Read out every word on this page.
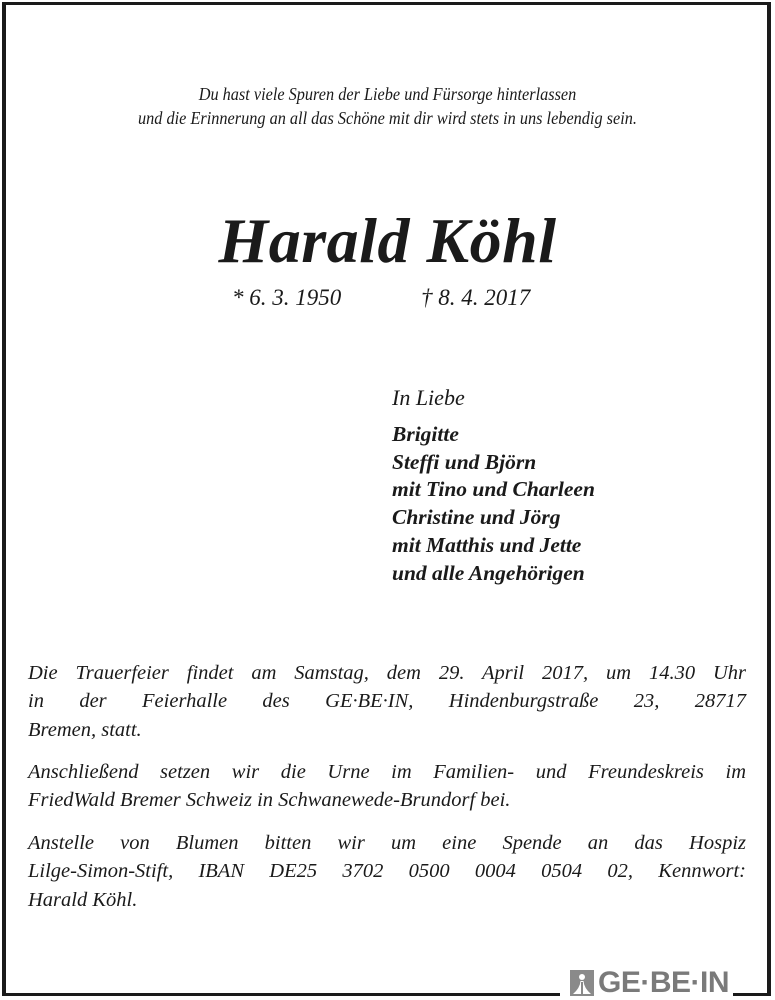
Du hast viele Spuren der Liebe und Fürsorge hinterlassen
und die Erinnerung an all das Schöne mit dir wird stets in uns lebendig sein.
Harald Köhl
* 6. 3. 1950	† 8. 4. 2017
In Liebe
Brigitte
Steffi und Björn
mit Tino und Charleen
Christine und Jörg
mit Matthis und Jette
und alle Angehörigen
Die Trauerfeier findet am Samstag, dem 29. April 2017, um 14.30 Uhr
in der Feierhalle des GE·BE·IN, Hindenburgstraße 23, 28717
Bremen, statt.
Anschließend setzen wir die Urne im Familien- und Freundeskreis im
FriedWald Bremer Schweiz in Schwanewede-Brundorf bei.
Anstelle von Blumen bitten wir um eine Spende an das Hospiz
Lilge-Simon-Stift, IBAN DE25 3702 0500 0004 0504 02, Kennwort:
Harald Köhl.
GE·BE·IN
